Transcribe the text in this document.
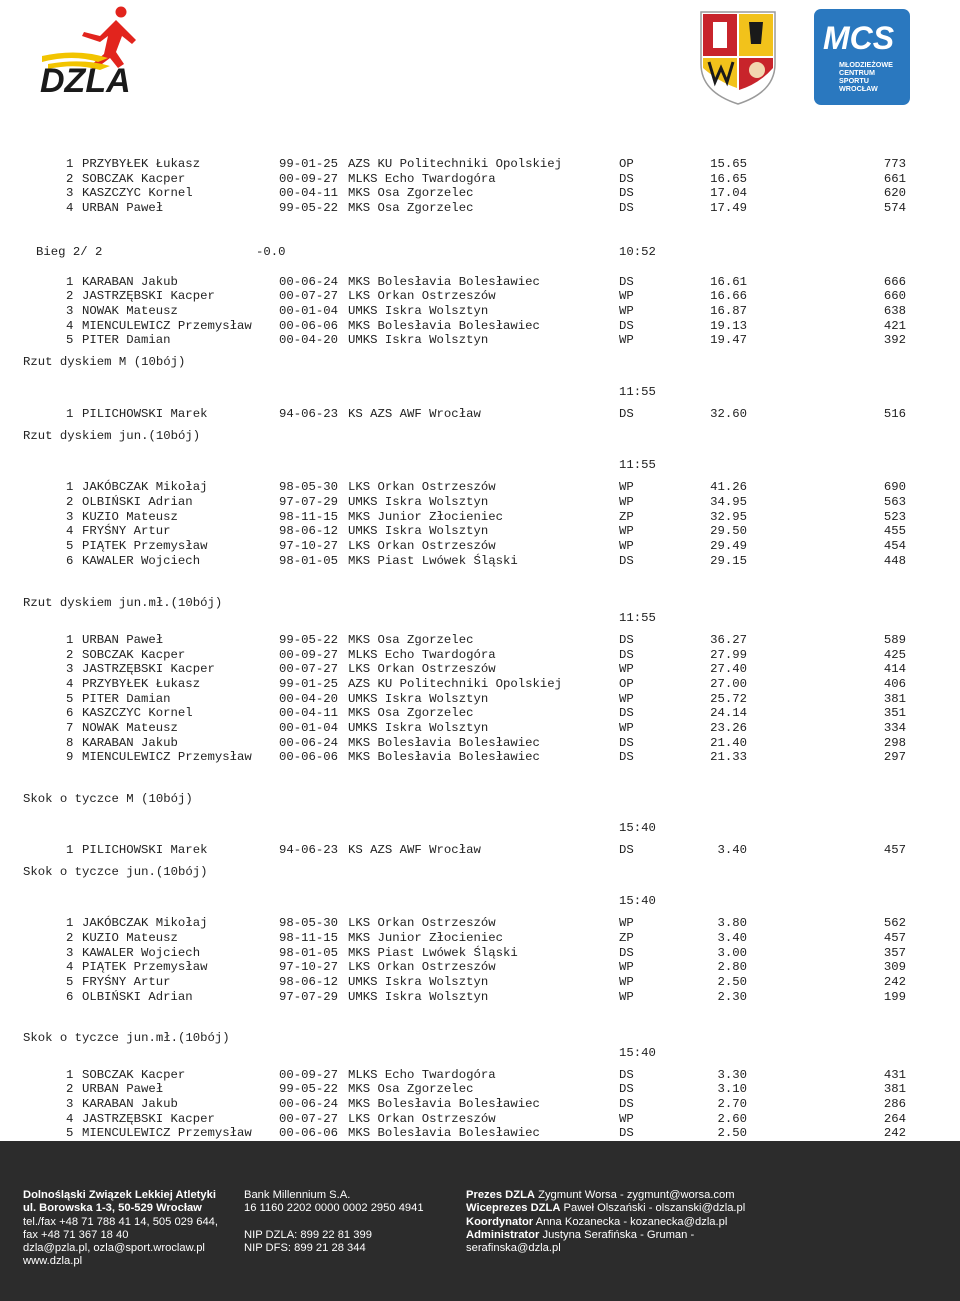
DZLA
MCS
MŁODZIEŻOWE
CENTRUM
SPORTU
WROCŁAW
1 PRZYBYŁEK Łukasz	99-01-25 AZS KU Politechniki Opolskiej	OP	15.65	773
2 SOBCZAK Kacper	00-09-27 MLKS Echo Twardogóra	DS	16.65	661
3 KASZCZYC Kornel	00-04-11 MKS Osa Zgorzelec	DS	17.04	620
4 URBAN Paweł	99-05-22 MKS Osa Zgorzelec	DS	17.49	574
Bieg 2/ 2	-0.0	10:52
1 KARABAN Jakub	00-06-24 MKS Bolesłavia Bolesławiec	DS	16.61	666
2 JASTRZĘBSKI Kacper	00-07-27 LKS Orkan Ostrzeszów	WP	16.66	660
3 NOWAK Mateusz	00-01-04 UMKS Iskra Wolsztyn	WP	16.87	638
4 MIENCULEWICZ Przemysław 00-06-06 MKS Bolesłavia Bolesławiec	DS	19.13	421
5 PITER Damian	00-04-20 UMKS Iskra Wolsztyn	WP	19.47	392
Rzut dyskiem M (10bój)
11:55
1 PILICHOWSKI Marek	94-06-23 KS AZS AWF Wrocław	DS	32.60	516
Rzut dyskiem jun.(10bój)
11:55
1 JAKÓBCZAK Mikołaj	98-05-30 LKS Orkan Ostrzeszów	WP	41.26	690
2 OLBIŃSKI Adrian	97-07-29 UMKS Iskra Wolsztyn	WP	34.95	563
3 KUZIO Mateusz	98-11-15 MKS Junior Złocieniec	ZP	32.95	523
4 FRYŚNY Artur	98-06-12 UMKS Iskra Wolsztyn	WP	29.50	455
5 PIĄTEK Przemysław	97-10-27 LKS Orkan Ostrzeszów	WP	29.49	454
6 KAWALER Wojciech	98-01-05 MKS Piast Lwówek Śląski	DS	29.15	448
Rzut dyskiem jun.mł.(10bój)
11:55
1 URBAN Paweł	99-05-22 MKS Osa Zgorzelec	DS	36.27	589
2 SOBCZAK Kacper	00-09-27 MLKS Echo Twardogóra	DS	27.99	425
3 JASTRZĘBSKI Kacper	00-07-27 LKS Orkan Ostrzeszów	WP	27.40	414
4 PRZYBYŁEK Łukasz	99-01-25 AZS KU Politechniki Opolskiej	OP	27.00	406
5 PITER Damian	00-04-20 UMKS Iskra Wolsztyn	WP	25.72	381
6 KASZCZYC Kornel	00-04-11 MKS Osa Zgorzelec	DS	24.14	351
7 NOWAK Mateusz	00-01-04 UMKS Iskra Wolsztyn	WP	23.26	334
8 KARABAN Jakub	00-06-24 MKS Bolesłavia Bolesławiec	DS	21.40	298
9 MIENCULEWICZ Przemysław 00-06-06 MKS Bolesłavia Bolesławiec	DS	21.33	297
Skok o tyczce M (10bój)
15:40
1 PILICHOWSKI Marek	94-06-23 KS AZS AWF Wrocław	DS	3.40	457
Skok o tyczce jun.(10bój)
15:40
1 JAKÓBCZAK Mikołaj	98-05-30 LKS Orkan Ostrzeszów	WP	3.80	562
2 KUZIO Mateusz	98-11-15 MKS Junior Złocieniec	ZP	3.40	457
3 KAWALER Wojciech	98-01-05 MKS Piast Lwówek Śląski	DS	3.00	357
4 PIĄTEK Przemysław	97-10-27 LKS Orkan Ostrzeszów	WP	2.80	309
5 FRYŚNY Artur	98-06-12 UMKS Iskra Wolsztyn	WP	2.50	242
6 OLBIŃSKI Adrian	97-07-29 UMKS Iskra Wolsztyn	WP	2.30	199
Skok o tyczce jun.mł.(10bój)
15:40
1 SOBCZAK Kacper	00-09-27 MLKS Echo Twardogóra	DS	3.30	431
2 URBAN Paweł	99-05-22 MKS Osa Zgorzelec	DS	3.10	381
3 KARABAN Jakub	00-06-24 MKS Bolesłavia Bolesławiec	DS	2.70	286
4 JASTRZĘBSKI Kacper	00-07-27 LKS Orkan Ostrzeszów	WP	2.60	264
5 MIENCULEWICZ Przemysław 00-06-06 MKS Bolesłavia Bolesławiec	DS	2.50	242
Dolnośląski Związek Lekkiej Atletyki
ul. Borowska 1-3, 50-529 Wrocław
tel./fax +48 71 788 41 14, 505 029 644,
fax +48 71 367 18 40
dzla@pzla.pl, ozla@sport.wroclaw.pl
www.dzla.pl
Bank Millennium S.A.
16 1160 2202 0000 0002 2950 4941
NIP DZLA: 899 22 81 399
NIP DFS: 899 21 28 344
Prezes DZLA Zygmunt Worsa - zygmunt@worsa.com
Wiceprezes DZLA Paweł Olszański - olszanski@dzla.pl
Koordynator Anna Kozanecka - kozanecka@dzla.pl
Administrator Justyna Serafińska - Gruman -
serafinska@dzla.pl
